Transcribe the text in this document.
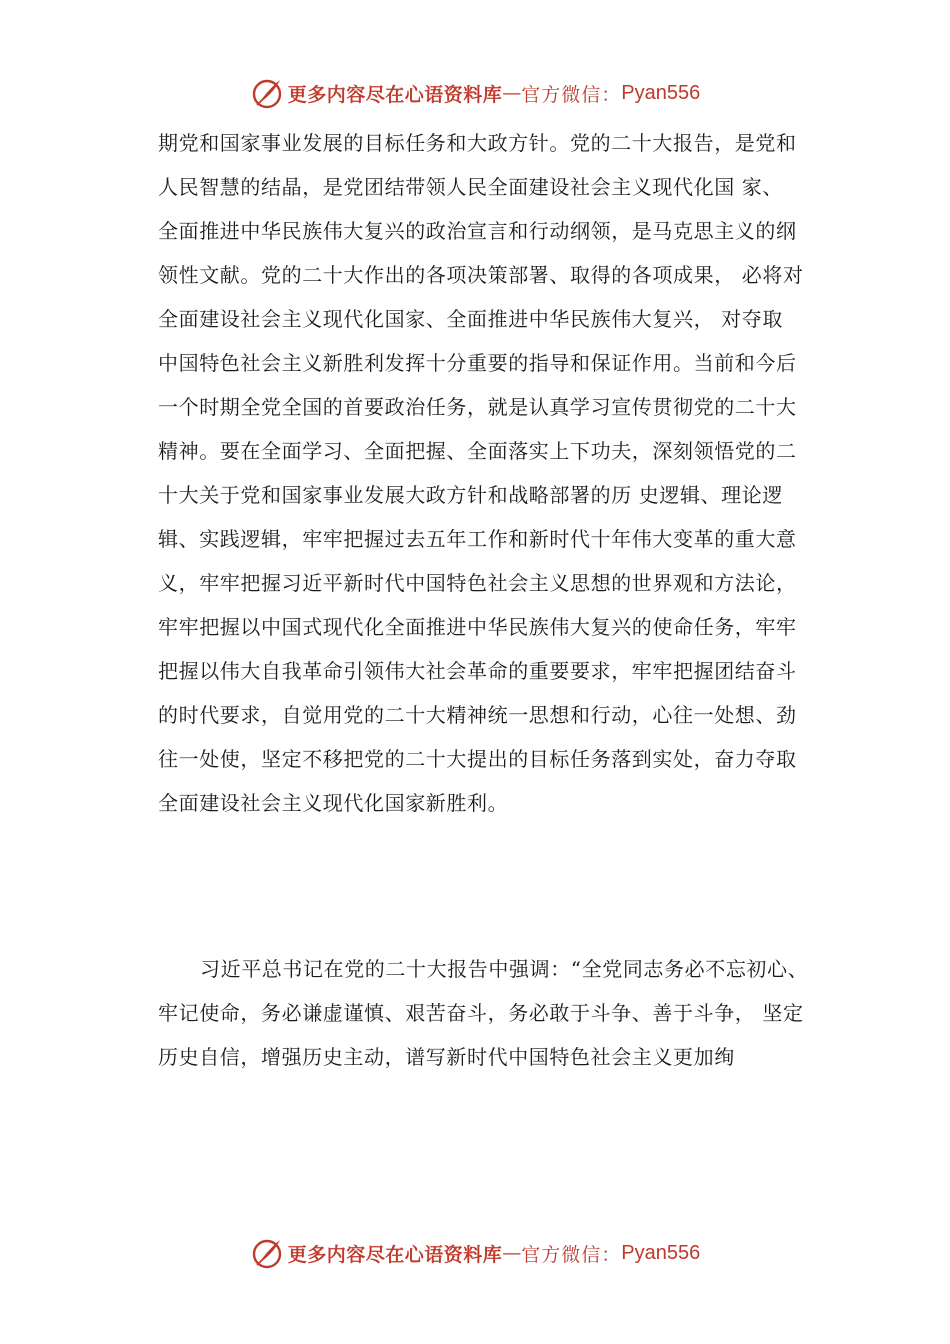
更多内容尽在心语资料库 — 官方微信： Pyan556
期党和国家事业发展的目标任务和大政方针。党的二十大报告，是党和
人民智慧的结晶，是党团结带领人民全面建设社会主义现代化国 家、
全面推进中华民族伟大复兴的政治宣言和行动纲领，是马克思主义的纲
领性文献。党的二十大作出的各项决策部署、取得的各项成果， 必将对
全面建设社会主义现代化国家、全面推进中华民族伟大复兴， 对夺取
中国特色社会主义新胜利发挥十分重要的指导和保证作用。当前和今后
一个时期全党全国的首要政治任务，就是认真学习宣传贯彻党的二十大
精神。要在全面学习、全面把握、全面落实上下功夫，深刻领悟党的二
十大关于党和国家事业发展大政方针和战略部署的历 史逻辑、理论逻
辑、实践逻辑，牢牢把握过去五年工作和新时代十年伟大变革的重大意
义，牢牢把握习近平新时代中国特色社会主义思想的世界观和方法论，
牢牢把握以中国式现代化全面推进中华民族伟大复兴的使命任务，牢牢
把握以伟大自我革命引领伟大社会革命的重要要求，牢牢把握团结奋斗
的时代要求，自觉用党的二十大精神统一思想和行动，心往一处想、劲
往一处使，坚定不移把党的二十大提出的目标任务落到实处，奋力夺取
全面建设社会主义现代化国家新胜利。
习近平总书记在党的二十大报告中强调：“全党同志务必不忘初心、
牢记使命，务必谦虚谨慎、艰苦奋斗，务必敢于斗争、善于斗争， 坚定
历史自信，增强历史主动，谱写新时代中国特色社会主义更加绚
更多内容尽在心语资料库 — 官方微信： Pyan556
